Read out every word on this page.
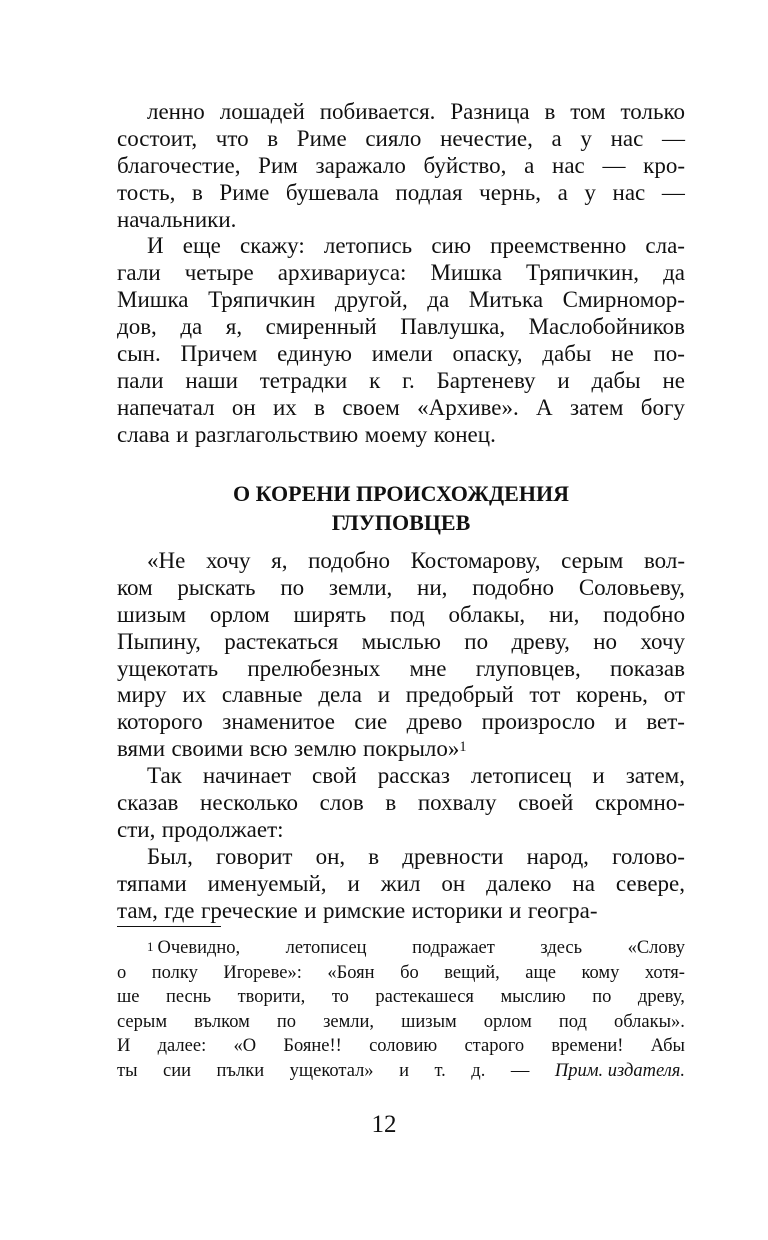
ленно лошадей побивается. Разница в том только
состоит, что в Риме сияло нечестие, а у нас —
благочестие, Рим заражало буйство, а нас — кро-
тость, в Риме бушевала подлая чернь, а у нас —
начальники.
И еще скажу: летопись сию преемственно сла-
гали четыре архивариуса: Мишка Тряпичкин, да
Мишка Тряпичкин другой, да Митька Смирномор-
дов, да я, смиренный Павлушка, Маслобойников
сын. Причем единую имели опаску, дабы не по-
пали наши тетрадки к г. Бартеневу и дабы не
напечатал он их в своем «Архиве». А затем богу
слава и разглагольствию моему конец.
О КОРЕНИ ПРОИСХОЖДЕНИЯ
ГЛУПОВЦЕВ
«Не хочу я, подобно Костомарову, серым вол-
ком рыскать по земли, ни, подобно Соловьеву,
шизым орлом ширять под облакы, ни, подобно
Пыпину, растекаться мыслью по древу, но хочу
ущекотать прелюбезных мне глуповцев, показав
миру их славные дела и предобрый тот корень, от
которого знаменитое сие древо произросло и вет-
вями своими всю землю покрыло»$^1$
Так начинает свой рассказ летописец и затем,
сказав несколько слов в похвалу своей скромно-
сти, продолжает:
Был, говорит он, в древности народ, голово-
тяпами именуемый, и жил он далеко на севере,
там, где греческие и римские историки и геогра-
$^1$ Очевидно, летописец подражает здесь «Слову
о полку Игореве»: «Боян бо вещий, аще кому хотя-
ше песнь творити, то растекашеся мыслию по древу,
серым вълком по земли, шизым орлом под облакы».
И далее: «О Бояне!! соловию старого времени! Абы
ты сии пълки ущекотал» и т. д. — Прим. издателя.
12
